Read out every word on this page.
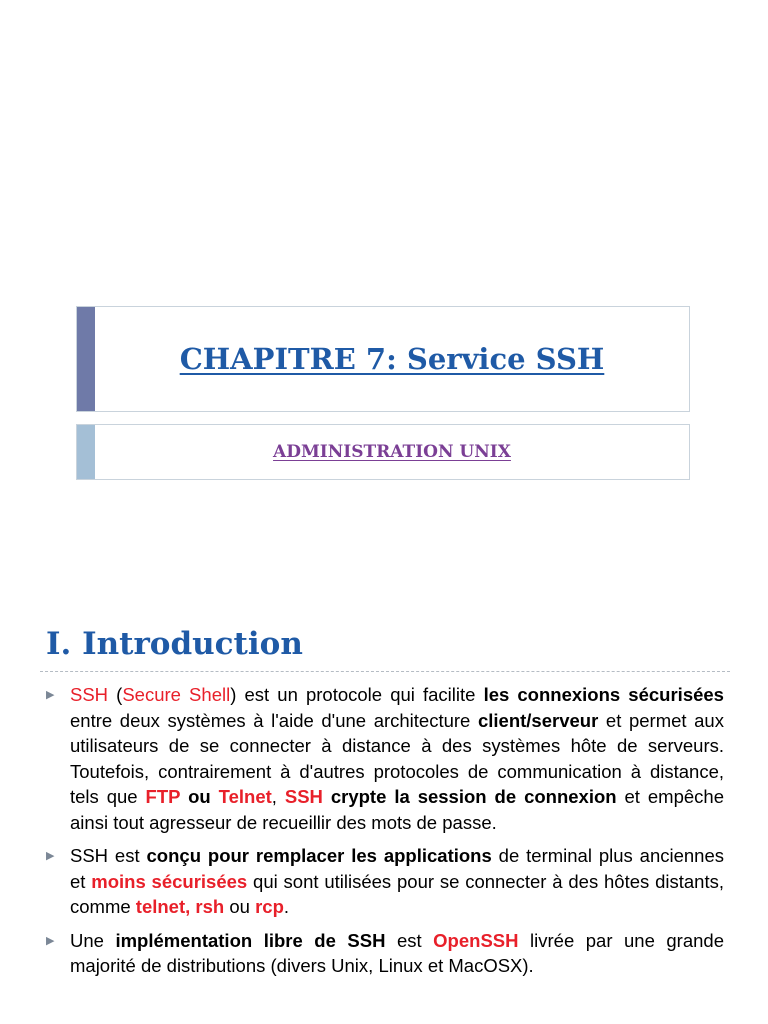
CHAPITRE 7: Service SSH
ADMINISTRATION UNIX
I. Introduction
▶ SSH (Secure Shell) est un protocole qui facilite les connexions sécurisées entre deux systèmes à l'aide d'une architecture client/serveur et permet aux utilisateurs de se connecter à distance à des systèmes hôte de serveurs. Toutefois, contrairement à d'autres protocoles de communication à distance, tels que FTP ou Telnet, SSH crypte la session de connexion et empêche ainsi tout agresseur de recueillir des mots de passe.
▶ SSH est conçu pour remplacer les applications de terminal plus anciennes et moins sécurisées qui sont utilisées pour se connecter à des hôtes distants, comme telnet, rsh ou rcp.
▶ Une implémentation libre de SSH est OpenSSH livrée par une grande majorité de distributions (divers Unix, Linux et MacOSX).
